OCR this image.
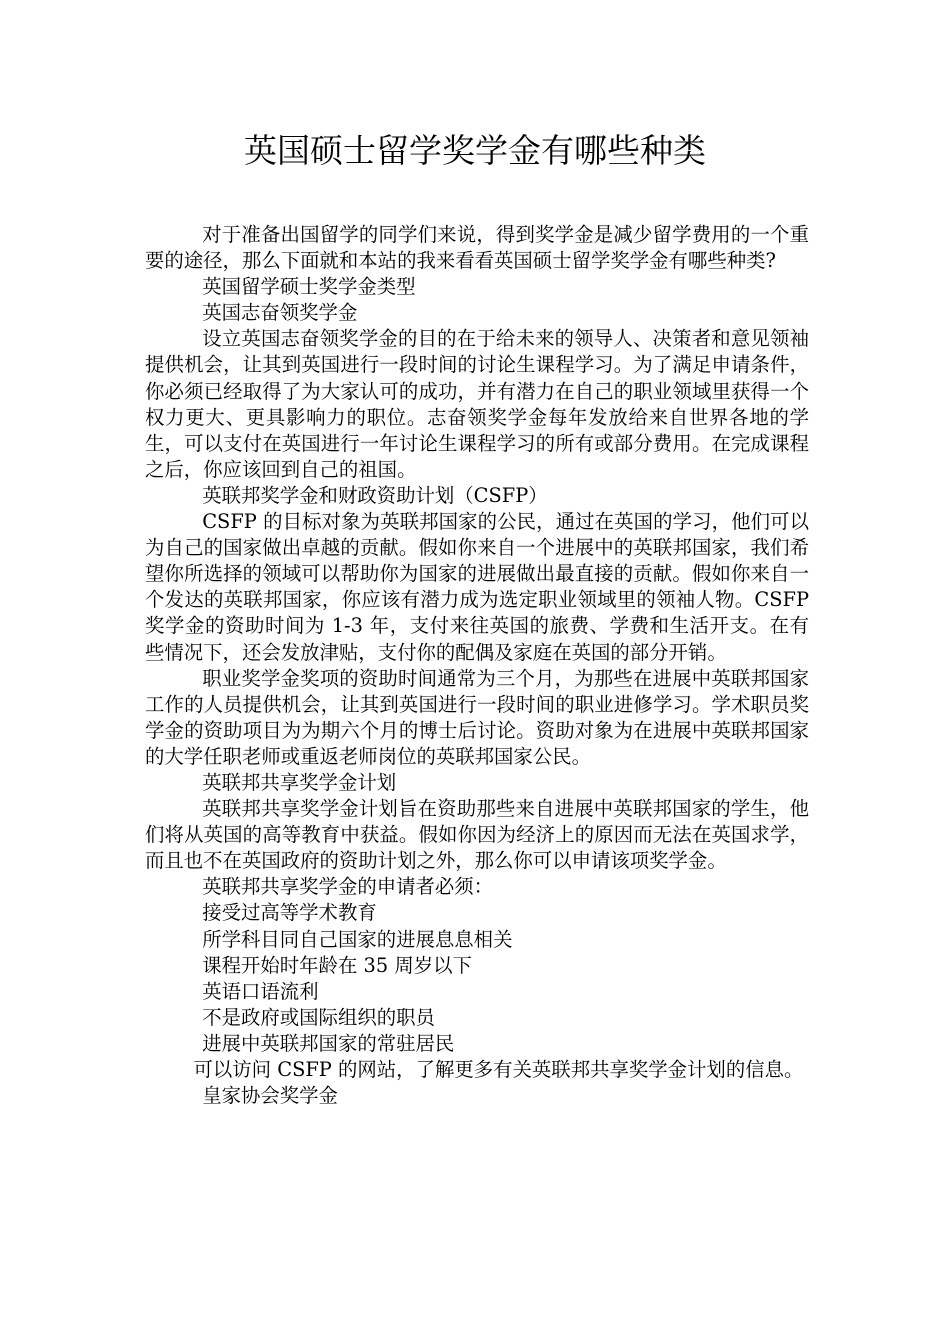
英国硕士留学奖学金有哪些种类

对于准备出国留学的同学们来说，得到奖学金是减少留学费用的一个重要的途径，那么下面就和本站的我来看看英国硕士留学奖学金有哪些种类?

英国留学硕士奖学金类型

英国志奋领奖学金

设立英国志奋领奖学金的目的在于给未来的领导人、决策者和意见领袖提供机会，让其到英国进行一段时间的讨论生课程学习。为了满足申请条件，你必须已经取得了为大家认可的成功，并有潜力在自己的职业领域里获得一个权力更大、更具影响力的职位。志奋领奖学金每年发放给来自世界各地的学生，可以支付在英国进行一年讨论生课程学习的所有或部分费用。在完成课程之后，你应该回到自己的祖国。

英联邦奖学金和财政资助计划（CSFP）

CSFP 的目标对象为英联邦国家的公民，通过在英国的学习，他们可以为自己的国家做出卓越的贡献。假如你来自一个进展中的英联邦国家，我们希望你所选择的领域可以帮助你为国家的进展做出最直接的贡献。假如你来自一个发达的英联邦国家，你应该有潜力成为选定职业领域里的领袖人物。CSFP 奖学金的资助时间为 1-3 年，支付来往英国的旅费、学费和生活开支。在有些情况下，还会发放津贴，支付你的配偶及家庭在英国的部分开销。

职业奖学金奖项的资助时间通常为三个月，为那些在进展中英联邦国家工作的人员提供机会，让其到英国进行一段时间的职业进修学习。学术职员奖学金的资助项目为为期六个月的博士后讨论。资助对象为在进展中英联邦国家的大学任职老师或重返老师岗位的英联邦国家公民。

英联邦共享奖学金计划

英联邦共享奖学金计划旨在资助那些来自进展中英联邦国家的学生，他们将从英国的高等教育中获益。假如你因为经济上的原因而无法在英国求学，而且也不在英国政府的资助计划之外，那么你可以申请该项奖学金。

英联邦共享奖学金的申请者必须：

接受过高等学术教育

所学科目同自己国家的进展息息相关

课程开始时年龄在 35 周岁以下

英语口语流利

不是政府或国际组织的职员

进展中英联邦国家的常驻居民

可以访问 CSFP 的网站，了解更多有关英联邦共享奖学金计划的信息。

皇家协会奖学金
